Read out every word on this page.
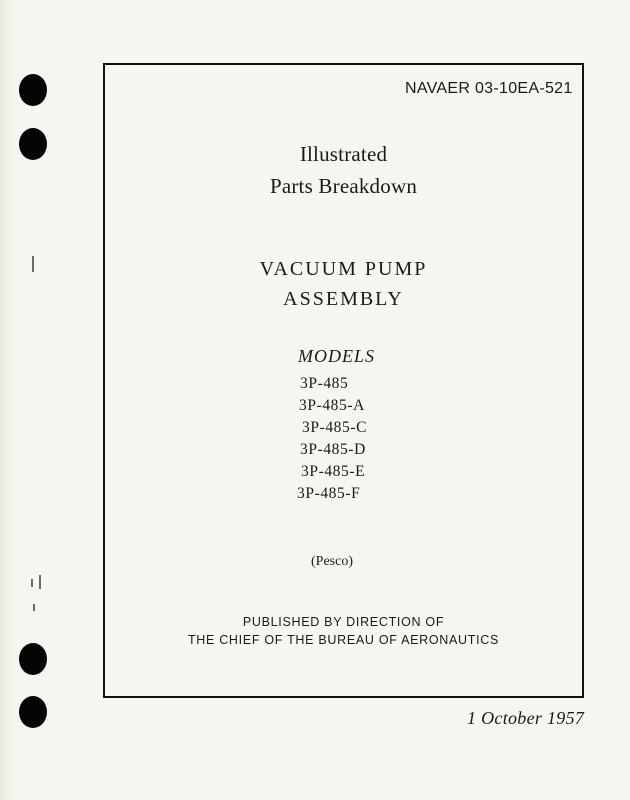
NAVAER 03-10EA-521
Illustrated
Parts Breakdown
VACUUM PUMP
ASSEMBLY
MODELS
3P-485
3P-485-A
3P-485-C
3P-485-D
3P-485-E
3P-485-F
(Pesco)
PUBLISHED BY DIRECTION OF
THE CHIEF OF THE BUREAU OF AERONAUTICS
1 October 1957
